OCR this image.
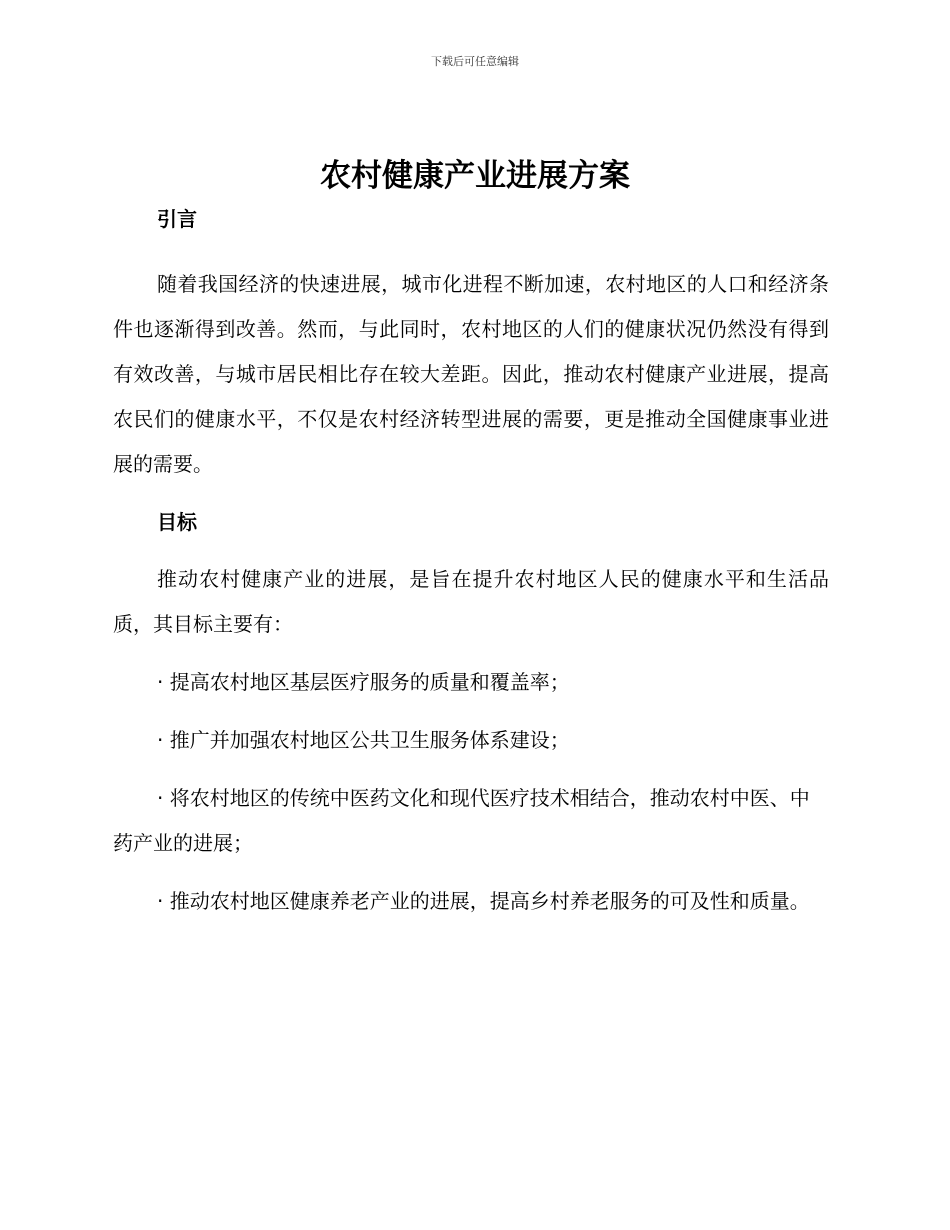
下载后可任意编辑
农村健康产业进展方案

引言

随着我国经济的快速进展，城市化进程不断加速，农村地区的人口和经济条件也逐渐得到改善。然而，与此同时，农村地区的人们的健康状况仍然没有得到有效改善，与城市居民相比存在较大差距。因此，推动农村健康产业进展，提高农民们的健康水平，不仅是农村经济转型进展的需要，更是推动全国健康事业进展的需要。

目标

推动农村健康产业的进展，是旨在提升农村地区人民的健康水平和生活品质，其目标主要有：

· 提高农村地区基层医疗服务的质量和覆盖率；

· 推广并加强农村地区公共卫生服务体系建设；

· 将农村地区的传统中医药文化和现代医疗技术相结合，推动农村中医、中药产业的进展；

· 推动农村地区健康养老产业的进展，提高乡村养老服务的可及性和质量。
